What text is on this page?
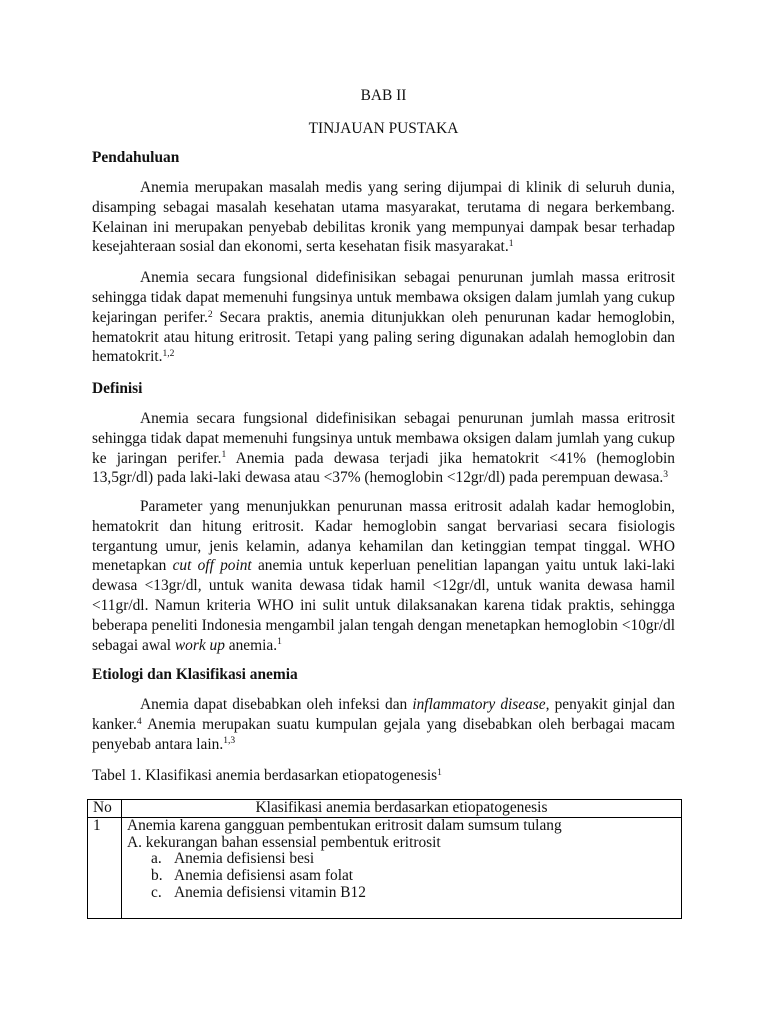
BAB II

TINJAUAN PUSTAKA

Pendahuluan

Anemia merupakan masalah medis yang sering dijumpai di klinik di seluruh dunia, disamping sebagai masalah kesehatan utama masyarakat, terutama di negara berkembang. Kelainan ini merupakan penyebab debilitas kronik yang mempunyai dampak besar terhadap kesejahteraan sosial dan ekonomi, serta kesehatan fisik masyarakat.$^1$

Anemia secara fungsional didefinisikan sebagai penurunan jumlah massa eritrosit sehingga tidak dapat memenuhi fungsinya untuk membawa oksigen dalam jumlah yang cukup kejaringan perifer.$^2$ Secara praktis, anemia ditunjukkan oleh penurunan kadar hemoglobin, hematokrit atau hitung eritrosit. Tetapi yang paling sering digunakan adalah hemoglobin dan hematokrit.$^{1,2}$

Definisi

Anemia secara fungsional didefinisikan sebagai penurunan jumlah massa eritrosit sehingga tidak dapat memenuhi fungsinya untuk membawa oksigen dalam jumlah yang cukup ke jaringan perifer.$^1$ Anemia pada dewasa terjadi jika hematokrit <41% (hemoglobin 13,5gr/dl) pada laki-laki dewasa atau <37% (hemoglobin <12gr/dl) pada perempuan dewasa.$^3$

Parameter yang menunjukkan penurunan massa eritrosit adalah kadar hemoglobin, hematokrit dan hitung eritrosit. Kadar hemoglobin sangat bervariasi secara fisiologis tergantung umur, jenis kelamin, adanya kehamilan dan ketinggian tempat tinggal. WHO menetapkan cut off point anemia untuk keperluan penelitian lapangan yaitu untuk laki-laki dewasa <13gr/dl, untuk wanita dewasa tidak hamil <12gr/dl, untuk wanita dewasa hamil <11gr/dl. Namun kriteria WHO ini sulit untuk dilaksanakan karena tidak praktis, sehingga beberapa peneliti Indonesia mengambil jalan tengah dengan menetapkan hemoglobin <10gr/dl sebagai awal work up anemia.$^1$

Etiologi dan Klasifikasi anemia

Anemia dapat disebabkan oleh infeksi dan inflammatory disease, penyakit ginjal dan kanker.$^4$ Anemia merupakan suatu kumpulan gejala yang disebabkan oleh berbagai macam penyebab antara lain.$^{1,3}$

Tabel 1. Klasifikasi anemia berdasarkan etiopatogenesis$^1$

No	Klasifikasi anemia berdasarkan etiopatogenesis
1	Anemia karena gangguan pembentukan eritrosit dalam sumsum tulang
A. kekurangan bahan essensial pembentuk eritrosit
a. Anemia defisiensi besi
b. Anemia defisiensi asam folat
c. Anemia defisiensi vitamin B12
